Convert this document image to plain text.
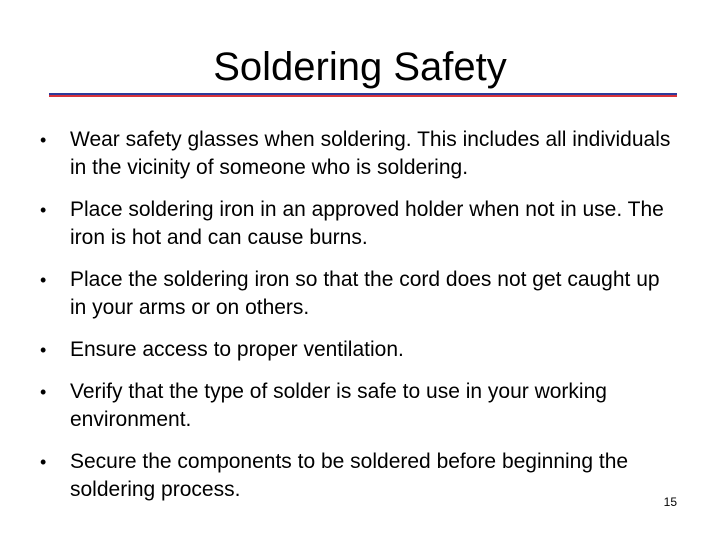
Soldering Safety
•	Wear safety glasses when soldering. This includes all individuals in the vicinity of someone who is soldering.
•	Place soldering iron in an approved holder when not in use. The iron is hot and can cause burns.
•	Place the soldering iron so that the cord does not get caught up in your arms or on others.
•	Ensure access to proper ventilation.
•	Verify that the type of solder is safe to use in your working environment.
•	Secure the components to be soldered before beginning the soldering process.
15
